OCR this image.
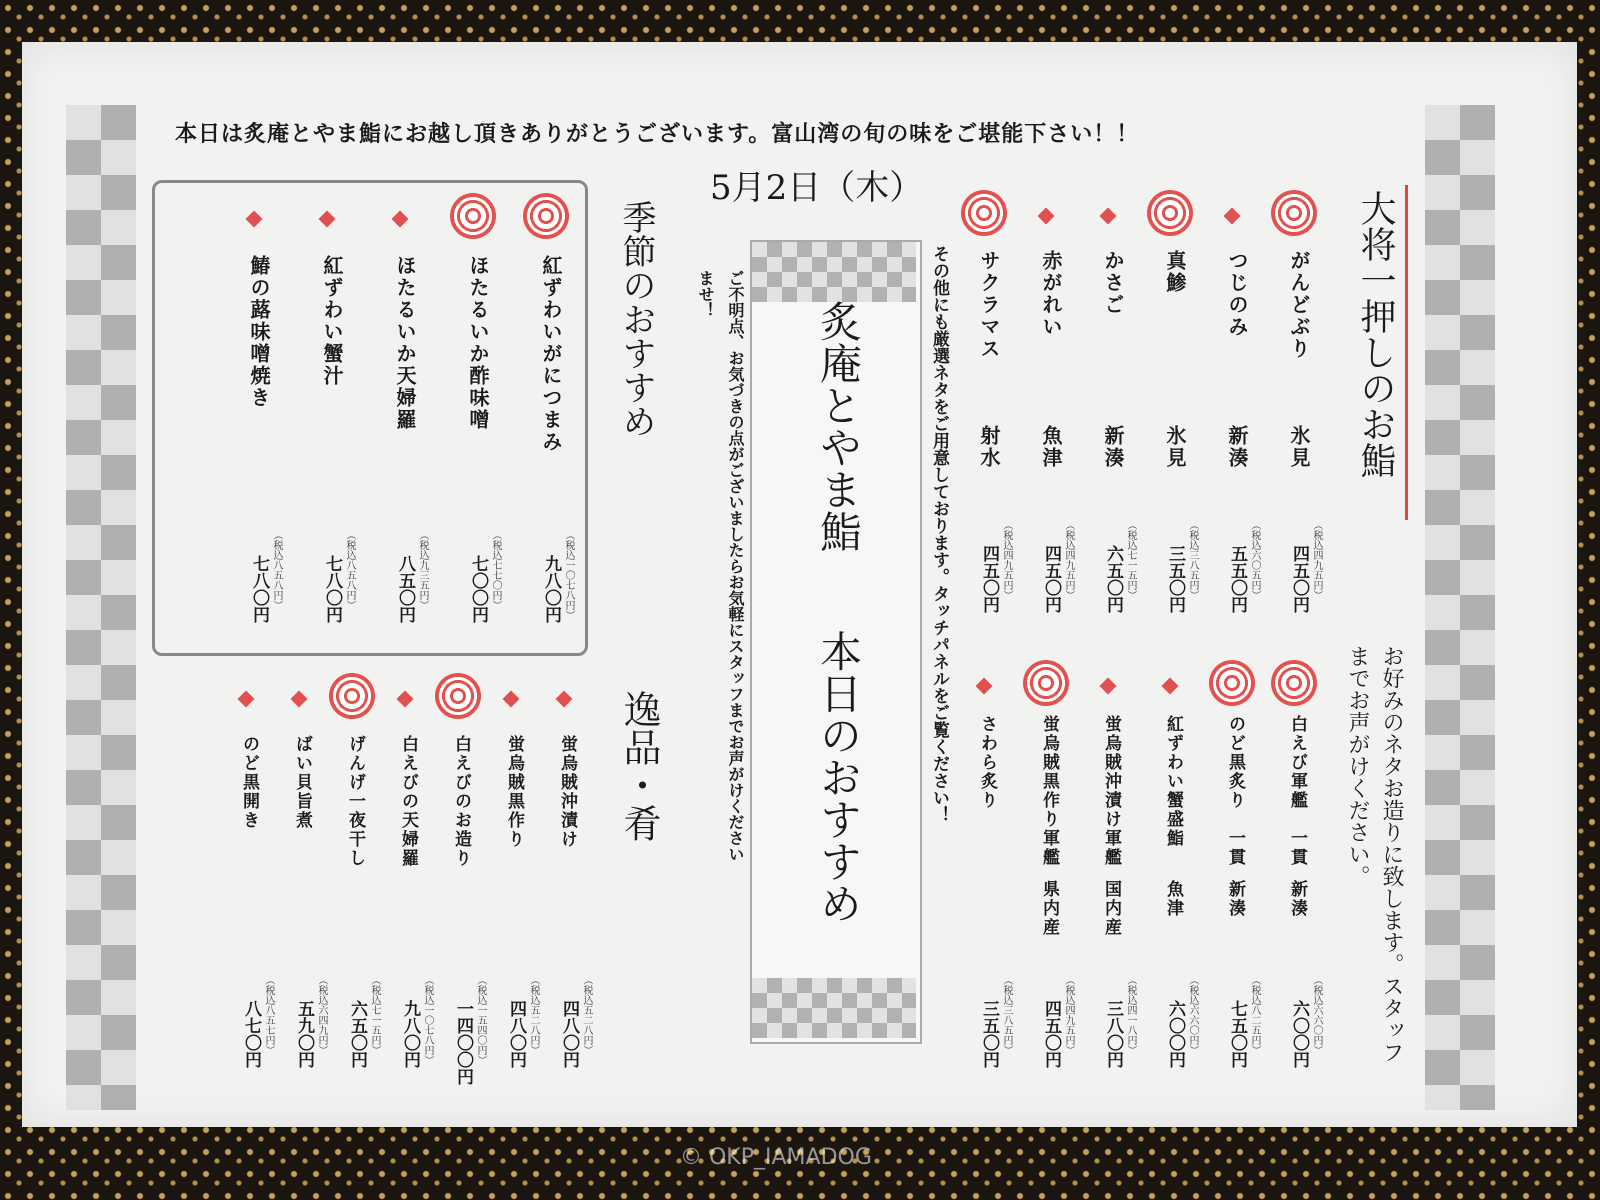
本日は炙庵とやま鮨にお越し頂きありがとうございます。富山湾の旬の味をご堪能下さい！！
5月2日（木）
大将一押しのお鮨
がんどぶり
氷見
四五〇円 （税込四九五円）
つじのみ
新湊
五五〇円 （税込六〇五円）
真鯵
氷見
三五〇円 （税込三八五円）
かさご
新湊
六五〇円 （税込七一五円）
赤がれい
魚津
四五〇円 （税込四九五円）
サクラマス
射水
四五〇円 （税込四九五円）
白えび軍艦　一貫
新湊
六〇〇円 （税込六六〇円）
のど黒炙り　一貫
新湊
七五〇円 （税込八二五円）
紅ずわい蟹盛鮨
魚津
六〇〇円 （税込六六〇円）
蛍烏賊沖漬け軍艦
国内産
三八〇円 （税込四一八円）
蛍烏賊黒作り軍艦
県内産
四五〇円 （税込四九五円）
さわら炙り
三五〇円 （税込三八五円）	お好みのネタお造りに致します。スタッフまでお声がけください。
炙庵とやま鮨
本日のおすすめ
ご不明点、お気づきの点がございましたらお気軽にスタッフまでお声がけくださいませ！	その他にも厳選ネタをご用意しております。タッチパネルをご覧ください！
季節のおすすめ
紅ずわいがにつまみ
九八〇円 （税込一〇七八円）
ほたるいか酢味噌
七〇〇円 （税込七七〇円）
ほたるいか天婦羅
八五〇円 （税込九三五円）
紅ずわい蟹汁
七八〇円 （税込八五八円）
鰆の蕗味噌焼き
七八〇円 （税込八五八円）
逸品・肴
蛍烏賊沖漬け
四八〇円 （税込五二八円）
蛍烏賊黒作り
四八〇円 （税込五二八円）
白えびのお造り
一四〇〇円 （税込一五四〇円）
白えびの天婦羅
九八〇円 （税込一〇七八円）
げんげ一夜干し
六五〇円 （税込七一五円）
ばい貝旨煮
五九〇円 （税込六四九円）
のど黒開き
八七〇円 （税込八五七円）
© OKP_IAMADOG
